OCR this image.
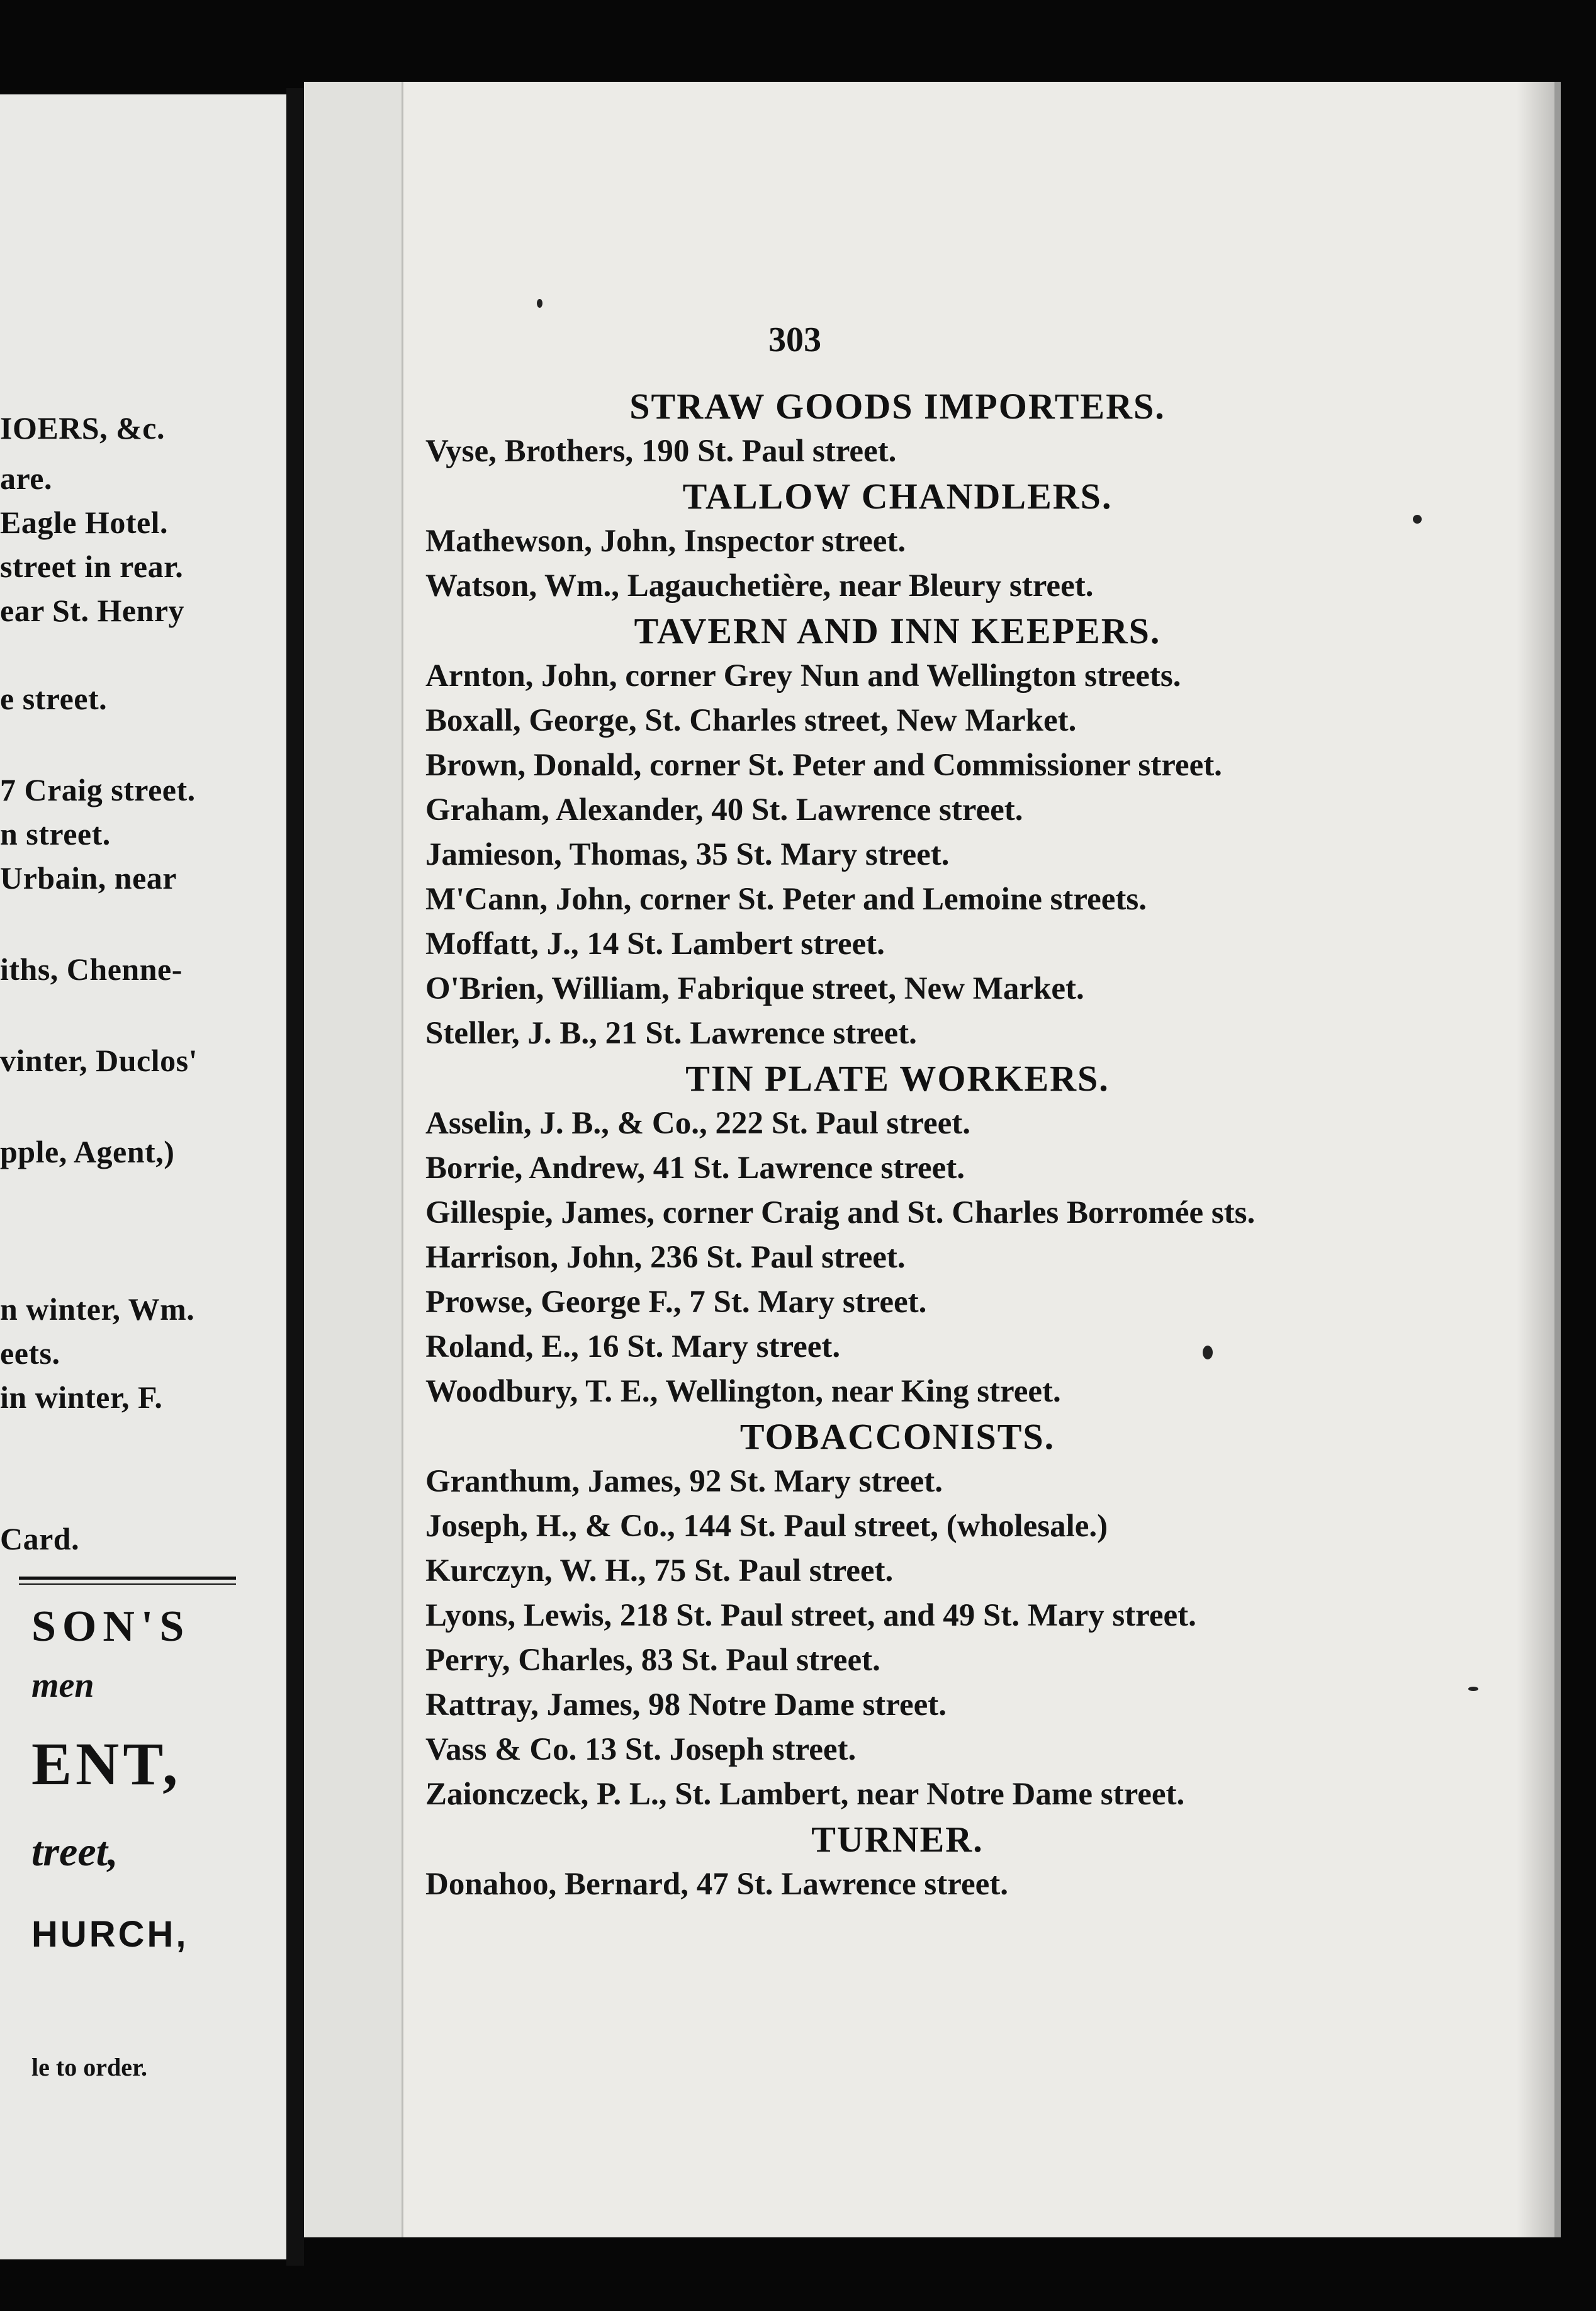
IOERS, &c.
are.
Eagle Hotel.
street in rear.
ear St. Henry
e street.
7 Craig street.
n street.
Urbain, near
iths, Chenne-
vinter, Duclos'
pple, Agent,)
n winter, Wm.
eets.
in winter, F.
Card.
SON'S
men
ENT,
treet,
HURCH,
le to order.
303
STRAW GOODS IMPORTERS.
Vyse, Brothers, 190 St. Paul street.
TALLOW CHANDLERS.
Mathewson, John, Inspector street.
Watson, Wm., Lagauchetière, near Bleury street.
TAVERN AND INN KEEPERS.
Arnton, John, corner Grey Nun and Wellington streets.
Boxall, George, St. Charles street, New Market.
Brown, Donald, corner St. Peter and Commissioner street.
Graham, Alexander, 40 St. Lawrence street.
Jamieson, Thomas, 35 St. Mary street.
M'Cann, John, corner St. Peter and Lemoine streets.
Moffatt, J., 14 St. Lambert street.
O'Brien, William, Fabrique street, New Market.
Steller, J. B., 21 St. Lawrence street.
TIN PLATE WORKERS.
Asselin, J. B., & Co., 222 St. Paul street.
Borrie, Andrew, 41 St. Lawrence street.
Gillespie, James, corner Craig and St. Charles Borromée sts.
Harrison, John, 236 St. Paul street.
Prowse, George F., 7 St. Mary street.
Roland, E., 16 St. Mary street.
Woodbury, T. E., Wellington, near King street.
TOBACCONISTS.
Granthum, James, 92 St. Mary street.
Joseph, H., & Co., 144 St. Paul street, (wholesale.)
Kurczyn, W. H., 75 St. Paul street.
Lyons, Lewis, 218 St. Paul street, and 49 St. Mary street.
Perry, Charles, 83 St. Paul street.
Rattray, James, 98 Notre Dame street.
Vass & Co. 13 St. Joseph street.
Zaionczeck, P. L., St. Lambert, near Notre Dame street.
TURNER.
Donahoo, Bernard, 47 St. Lawrence street.
